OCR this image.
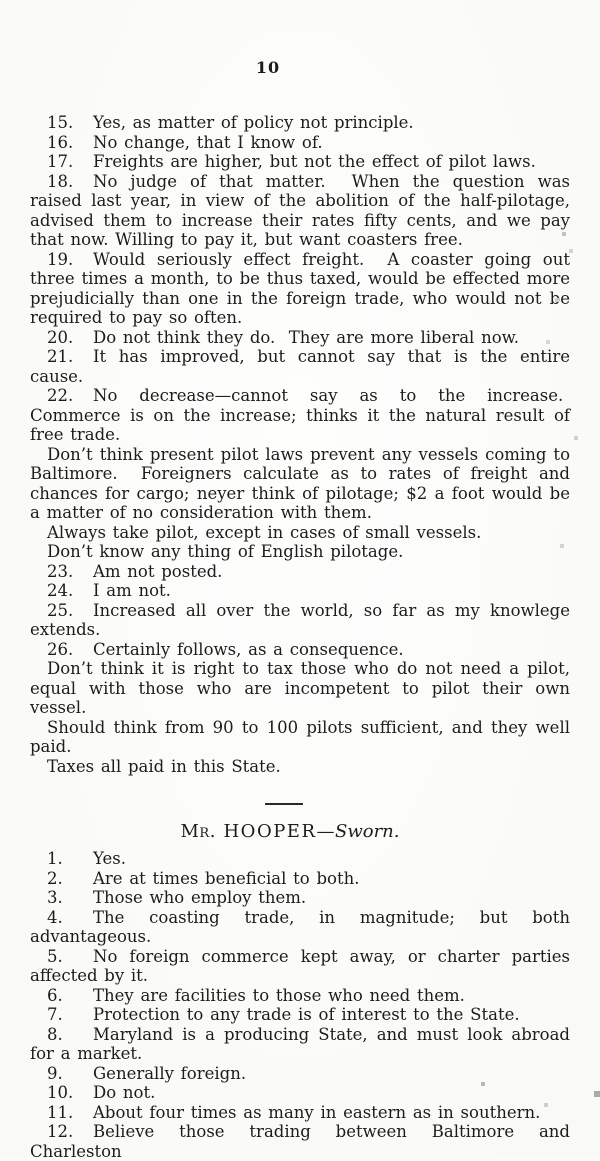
10

15. Yes, as matter of policy not principle.

16. No change, that I know of.

17. Freights are higher, but not the effect of pilot laws.

18. No judge of that matter.  When the question was raised last year, in view of the abolition of the half-pilotage, advised them to increase their rates fifty cents, and we pay that now. Willing to pay it, but want coasters free.

19. Would seriously effect freight.  A coaster going out three times a month, to be thus taxed, would be effected more prejudicially than one in the foreign trade, who would not be required to pay so often.

20. Do not think they do.  They are more liberal now.

21. It has improved, but cannot say that is the entire cause.

22. No decrease—cannot say as to the increase.  Commerce is on the increase; thinks it the natural result of free trade.

Don’t think present pilot laws prevent any vessels coming to Baltimore.  Foreigners calculate as to rates of freight and chances for cargo; neyer think of pilotage; $2 a foot would be a matter of no consideration with them.

Always take pilot, except in cases of small vessels.

Don’t know any thing of English pilotage.

23. Am not posted.

24. I am not.

25. Increased all over the world, so far as my knowlege extends.

26. Certainly follows, as a consequence.

Don’t think it is right to tax those who do not need a pilot, equal with those who are incompetent to pilot their own vessel.

Should think from 90 to 100 pilots sufficient, and they well paid.

Taxes all paid in this State.

Mr. HOOPER—Sworn.

1. Yes.

2. Are at times beneficial to both.

3. Those who employ them.

4. The coasting trade, in magnitude; but both advantageous.

5. No foreign commerce kept away, or charter parties affected by it.

6. They are facilities to those who need them.

7. Protection to any trade is of interest to the State.

8. Maryland is a producing State, and must look abroad for a market.

9. Generally foreign.

10. Do not.

11. About four times as many in eastern as in southern.

12. Believe those trading between Baltimore and Charleston
